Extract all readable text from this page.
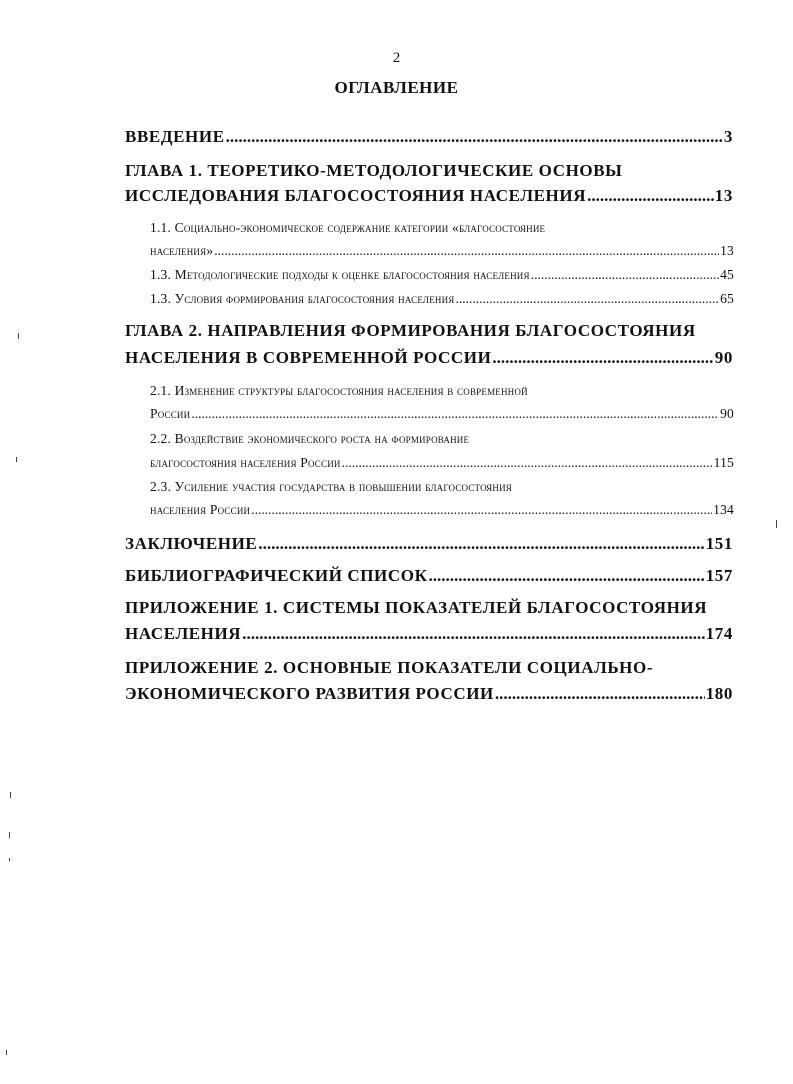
2
ОГЛАВЛЕНИЕ
ВВЕДЕНИЕ .....	3
ГЛАВА 1. ТЕОРЕТИКО-МЕТОДОЛОГИЧЕСКИЕ ОСНОВЫ
ИССЛЕДОВАНИЯ БЛАГОСОСТОЯНИЯ НАСЕЛЕНИЯ .....	13
1.1. Социально-экономическое содержание категории «благосостояние
населения» .....	13
1.3. Методологические подходы к оценке благосостояния населения .....	45
1.3. Условия формирования благосостояния населения .....	65
ГЛАВА 2. НАПРАВЛЕНИЯ ФОРМИРОВАНИЯ БЛАГОСОСТОЯНИЯ
НАСЕЛЕНИЯ В СОВРЕМЕННОЙ РОССИИ .....	90
2.1. Изменение структуры благосостояния населения в современной
России .....	90
2.2. Воздействие экономического роста на формирование
благосостояния населения России .....	115
2.3. Усиление участия государства в повышении благосостояния
населения России .....	134
ЗАКЛЮЧЕНИЕ .....	151
БИБЛИОГРАФИЧЕСКИЙ СПИСОК .....	157
ПРИЛОЖЕНИЕ 1. СИСТЕМЫ ПОКАЗАТЕЛЕЙ БЛАГОСОСТОЯНИЯ
НАСЕЛЕНИЯ .....	174
ПРИЛОЖЕНИЕ 2. ОСНОВНЫЕ ПОКАЗАТЕЛИ СОЦИАЛЬНО-
ЭКОНОМИЧЕСКОГО РАЗВИТИЯ РОССИИ .....	180
